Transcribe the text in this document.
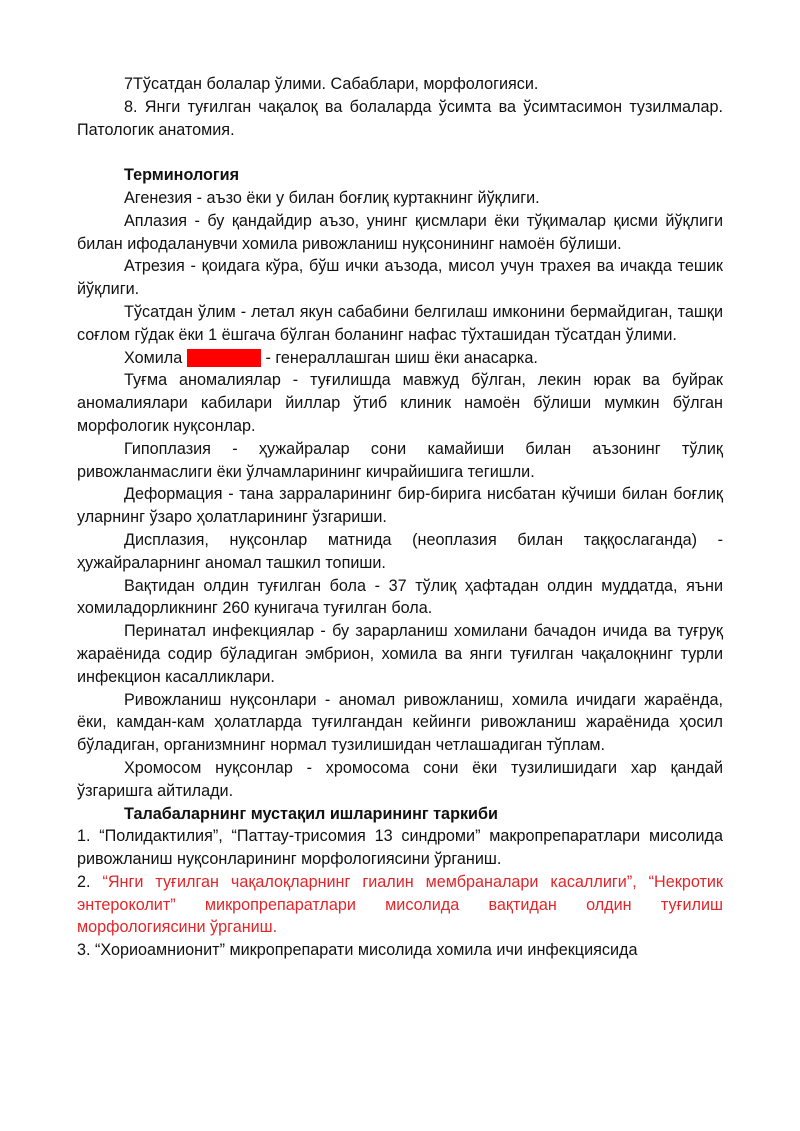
7Тўсатдан болалар ўлими. Сабаблари, морфологияси.

8. Янги туғилган чақалоқ ва болаларда ўсимта ва ўсимтасимон тузилмалар. Патологик анатомия.

Терминология

Агенезия - аъзо ёки у билан боғлиқ куртакнинг йўқлиги.

Аплазия - бу қандайдир аъзо, унинг қисмлари ёки тўқималар қисми йўқлиги билан ифодаланувчи хомила ривожланиш нуқсонининг намоён бўлиши.

Атрезия - қоидага кўра, бўш ички аъзода, мисол учун трахея ва ичакда тешик йўқлиги.

Тўсатдан ўлим - летал якун сабабини белгилаш имконини бермайдиган, ташқи соғлом гўдак ёки 1 ёшгача бўлган боланинг нафас тўхташидан тўсатдан ўлими.

Хомила исхисхоги - генераллашган шиш ёки анасарка.

Туғма аномалиялар - туғилишда мавжуд бўлган, лекин юрак ва буйрак аномалиялари кабилари йиллар ўтиб клиник намоён бўлиши мумкин бўлган морфологик нуқсонлар.

Гипоплазия - ҳужайралар сони камайиши билан аъзонинг тўлиқ ривожланмаслиги ёки ўлчамларининг кичрайишига тегишли.

Деформация - тана зарраларининг бир-бирига нисбатан кўчиши билан боғлиқ уларнинг ўзаро ҳолатларининг ўзгариши.

Дисплазия, нуқсонлар матнида (неоплазия билан таққослаганда) - ҳужайраларнинг аномал ташкил топиши.

Вақтидан олдин туғилган бола - 37 тўлиқ ҳафтадан олдин муддатда, яъни хомиладорликнинг 260 кунигача туғилган бола.

Перинатал инфекциялар - бу зарарланиш хомилани бачадон ичида ва туғруқ жараёнида содир бўладиган эмбрион, хомила ва янги туғилган чақалоқнинг турли инфекцион касалликлари.

Ривожланиш нуқсонлари - аномал ривожланиш, хомила ичидаги жараёнда, ёки, камдан-кам ҳолатларда туғилгандан кейинги ривожланиш жараёнида ҳосил бўладиган, организмнинг нормал тузилишидан четлашадиган тўплам.

Хромосом нуқсонлар - хромосома сони ёки тузилишидаги хар қандай ўзгаришга айтилади.

Талабаларнинг мустақил ишларининг таркиби

1. “Полидактилия”, “Паттау-трисомия 13 синдроми” макропрепаратлари мисолида ривожланиш нуқсонларининг морфологиясини ўрганиш.

2. “Янги туғилган чақалоқларнинг гиалин мембраналари касаллиги”, “Некротик энтероколит” микропрепаратлари мисолида вақтидан олдин туғилиш морфологиясини ўрганиш.

3. “Хориоамнионит” микропрепарати мисолида хомила ичи инфекциясида
